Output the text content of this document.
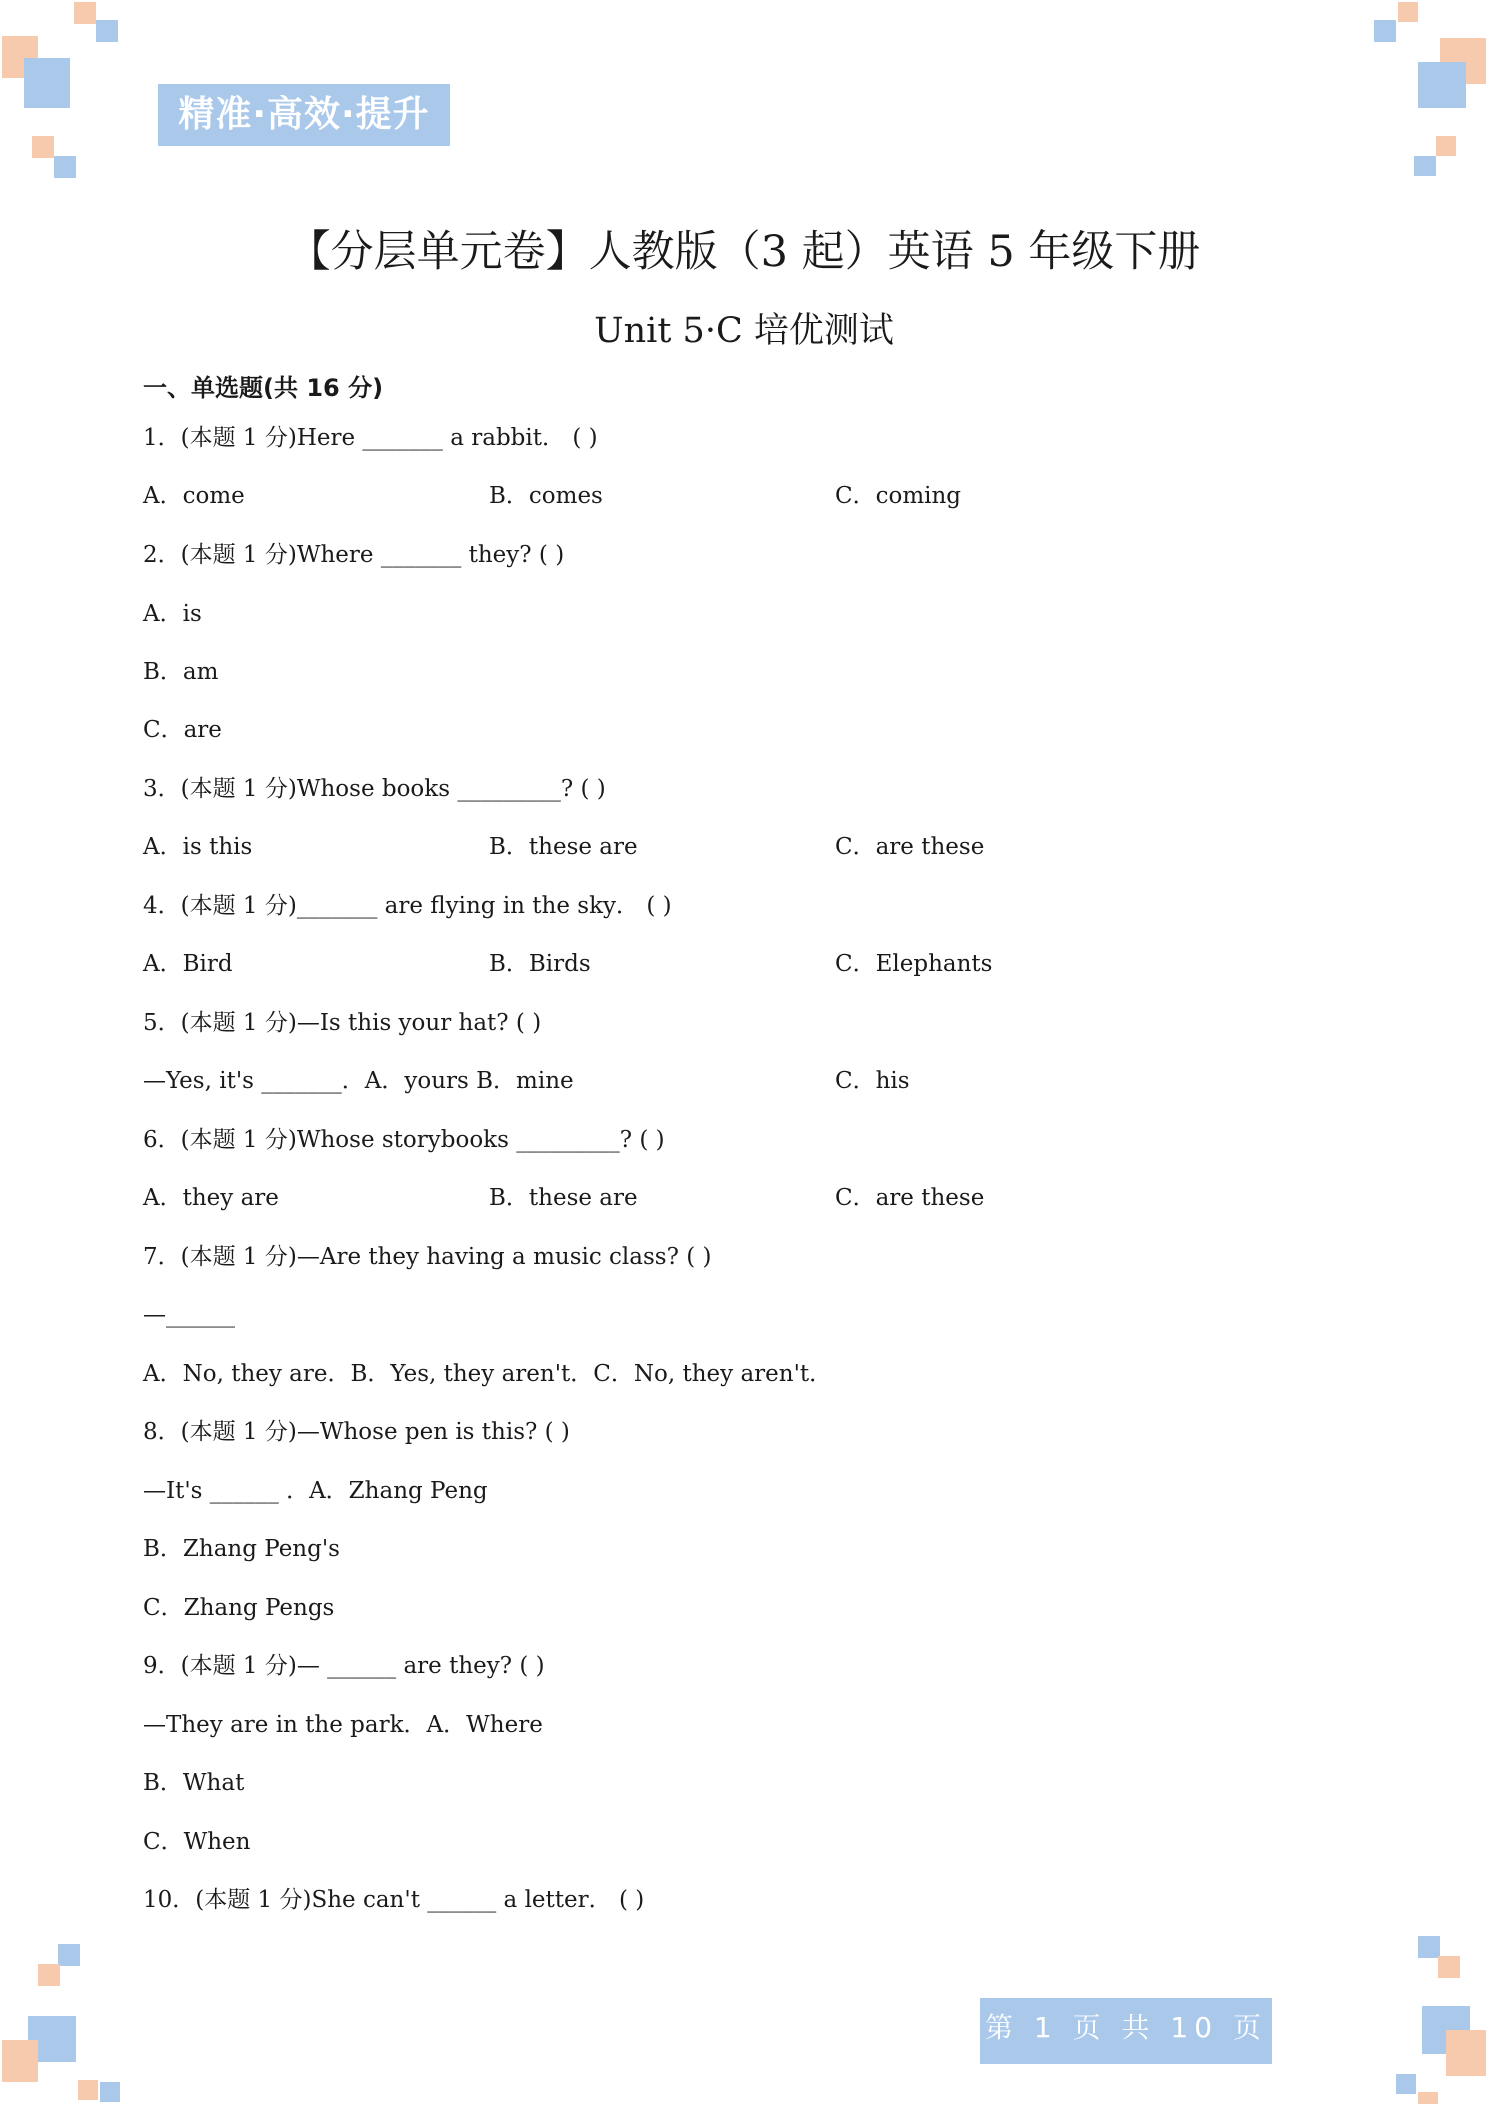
精准·高效·提升
【分层单元卷】人教版（3 起）英语 5 年级下册
Unit 5·C 培优测试
一、单选题(共 16 分)
1．(本题 1 分)Here _______ a rabbit． ( )
A．come	B．comes	C．coming
2．(本题 1 分)Where _______ they? ( )
A．is
B．am
C．are
3．(本题 1 分)Whose books _________? ( )
A．is this	B．these are	C．are these
4．(本题 1 分)_______ are flying in the sky． ( )
A．Bird	B．Birds	C．Elephants
5．(本题 1 分)—Is this your hat? ( )
—Yes, it's _______．A．yours B．mine	C．his
6．(本题 1 分)Whose storybooks _________? ( )
A．they are	B．these are	C．are these
7．(本题 1 分)—Are they having a music class? ( )
—______
A．No, they are．B．Yes, they aren't．C．No, they aren't．
8．(本题 1 分)—Whose pen is this? ( )
—It's ______ ．A．Zhang Peng
B．Zhang Peng's
C．Zhang Pengs
9．(本题 1 分)— ______ are they? ( )
—They are in the park．A．Where
B．What
C．When
10．(本题 1 分)She can't ______ a letter． ( )
第 1 页 共 10 页
